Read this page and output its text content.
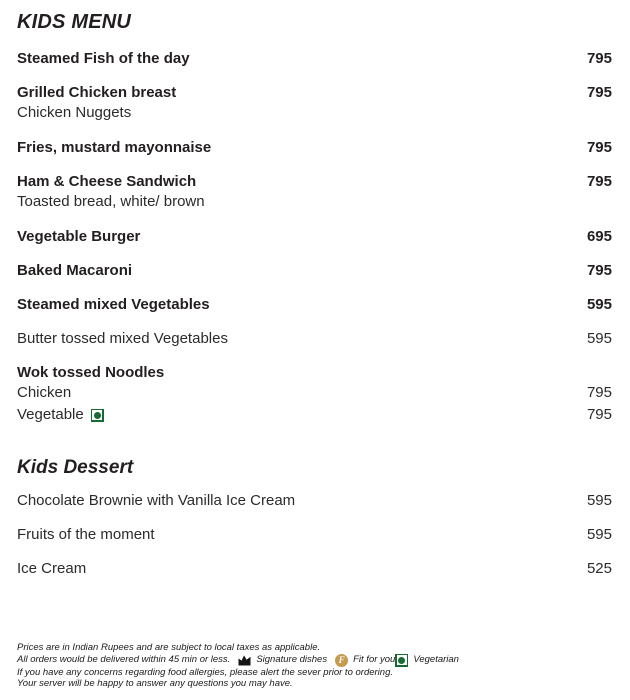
KIDS MENU
Steamed Fish of the day	795
Grilled Chicken breast	795
Chicken Nuggets
Fries, mustard mayonnaise	795
Ham & Cheese Sandwich	795
Toasted bread, white/ brown
Vegetable Burger	695
Baked Macaroni	795
Steamed mixed Vegetables	595
Butter tossed mixed Vegetables	595
Wok tossed Noodles
Chicken	795
Vegetable	795
Kids Dessert
Chocolate Brownie with Vanilla Ice Cream	595
Fruits of the moment	595
Ice Cream	525
Prices are in Indian Rupees and are subject to local taxes as applicable.
All orders would be delivered within 45 min or less.	Signature dishes F Fit for you Vegetarian
If you have any concerns regarding food allergies, please alert the sever prior to ordering.
Your server will be happy to answer any questions you may have.
